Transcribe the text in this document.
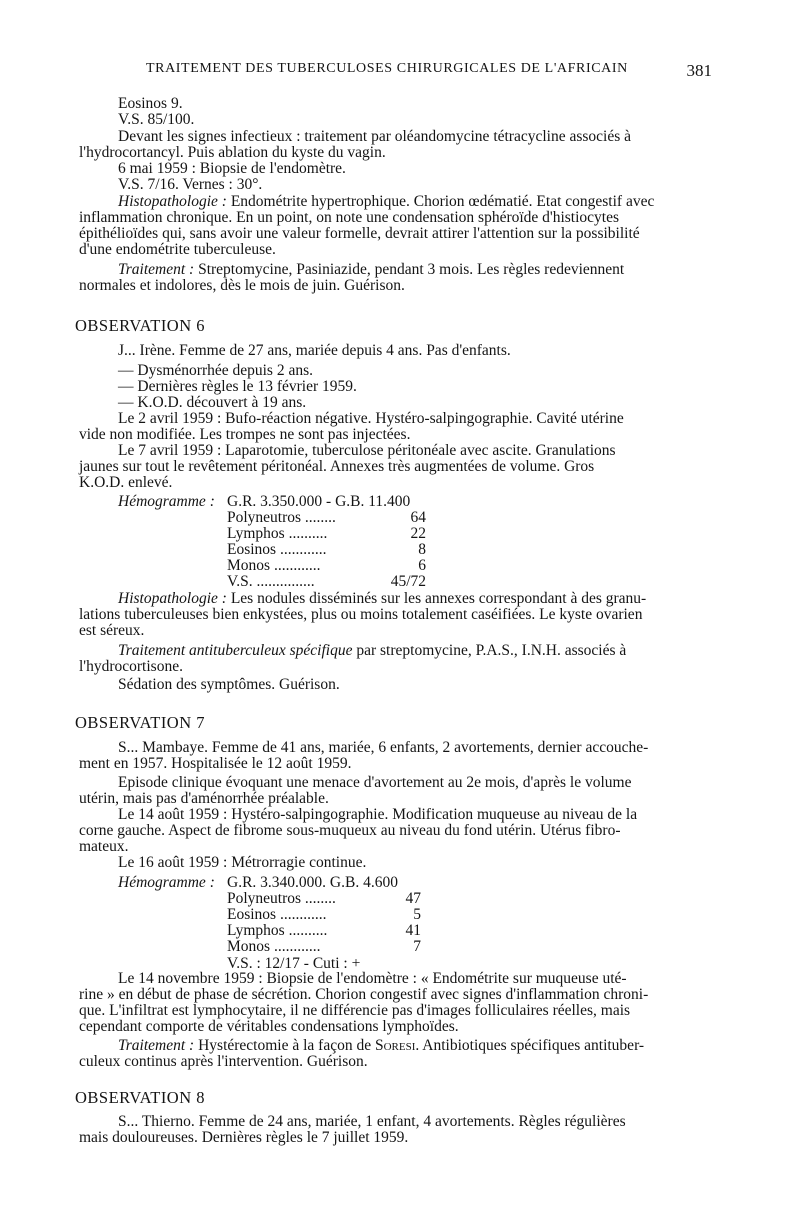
TRAITEMENT DES TUBERCULOSES CHIRURGICALES DE L'AFRICAIN	381
Eosinos 9.
V.S. 85/100.
Devant les signes infectieux : traitement par oléandomycine tétracycline associés à
l'hydrocortancyl. Puis ablation du kyste du vagin.
6 mai 1959 : Biopsie de l'endomètre.
V.S. 7/16. Vernes : 30°.
Histopathologie : Endométrite hypertrophique. Chorion œdématié. Etat congestif avec
inflammation chronique. En un point, on note une condensation sphéroïde d'histiocytes
épithélioïdes qui, sans avoir une valeur formelle, devrait attirer l'attention sur la possibilité
d'une endométrite tuberculeuse.
Traitement : Streptomycine, Pasiniazide, pendant 3 mois. Les règles redeviennent
normales et indolores, dès le mois de juin. Guérison.
OBSERVATION 6
J... Irène. Femme de 27 ans, mariée depuis 4 ans. Pas d'enfants.
— Dysménorrhée depuis 2 ans.
— Dernières règles le 13 février 1959.
— K.O.D. découvert à 19 ans.
Le 2 avril 1959 : Bufo-réaction négative. Hystéro-salpingographie. Cavité utérine
vide non modifiée. Les trompes ne sont pas injectées.
Le 7 avril 1959 : Laparotomie, tuberculose péritonéale avec ascite. Granulations
jaunes sur tout le revêtement péritonéal. Annexes très augmentées de volume. Gros
K.O.D. enlevé.
Hémogramme : G.R. 3.350.000 - G.B. 11.400
Polyneutros ........	64
Lymphos ..........	22
Eosinos ............	8
Monos ............	6
V.S. ...............	45/72
Histopathologie : Les nodules disséminés sur les annexes correspondant à des granu-
lations tuberculeuses bien enkystées, plus ou moins totalement caséifiées. Le kyste ovarien
est séreux.
Traitement antituberculeux spécifique par streptomycine, P.A.S., I.N.H. associés à
l'hydrocortisone.
Sédation des symptômes. Guérison.
OBSERVATION 7
S... Mambaye. Femme de 41 ans, mariée, 6 enfants, 2 avortements, dernier accouche-
ment en 1957. Hospitalisée le 12 août 1959.
Episode clinique évoquant une menace d'avortement au 2e mois, d'après le volume
utérin, mais pas d'aménorrhée préalable.
Le 14 août 1959 : Hystéro-salpingographie. Modification muqueuse au niveau de la
corne gauche. Aspect de fibrome sous-muqueux au niveau du fond utérin. Utérus fibro-
mateux.
Le 16 août 1959 : Métrorragie continue.
Hémogramme : G.R. 3.340.000. G.B. 4.600
Polyneutros ........	47
Eosinos ............	5
Lymphos ..........	41
Monos ............	7
V.S. : 12/17 - Cuti : +
Le 14 novembre 1959 : Biopsie de l'endomètre : « Endométrite sur muqueuse uté-
rine » en début de phase de sécrétion. Chorion congestif avec signes d'inflammation chroni-
que. L'infiltrat est lymphocytaire, il ne différencie pas d'images folliculaires réelles, mais
cependant comporte de véritables condensations lymphoïdes.
Traitement : Hystérectomie à la façon de Soresi. Antibiotiques spécifiques antituber-
culeux continus après l'intervention. Guérison.
OBSERVATION 8
S... Thierno. Femme de 24 ans, mariée, 1 enfant, 4 avortements. Règles régulières
mais douloureuses. Dernières règles le 7 juillet 1959.
